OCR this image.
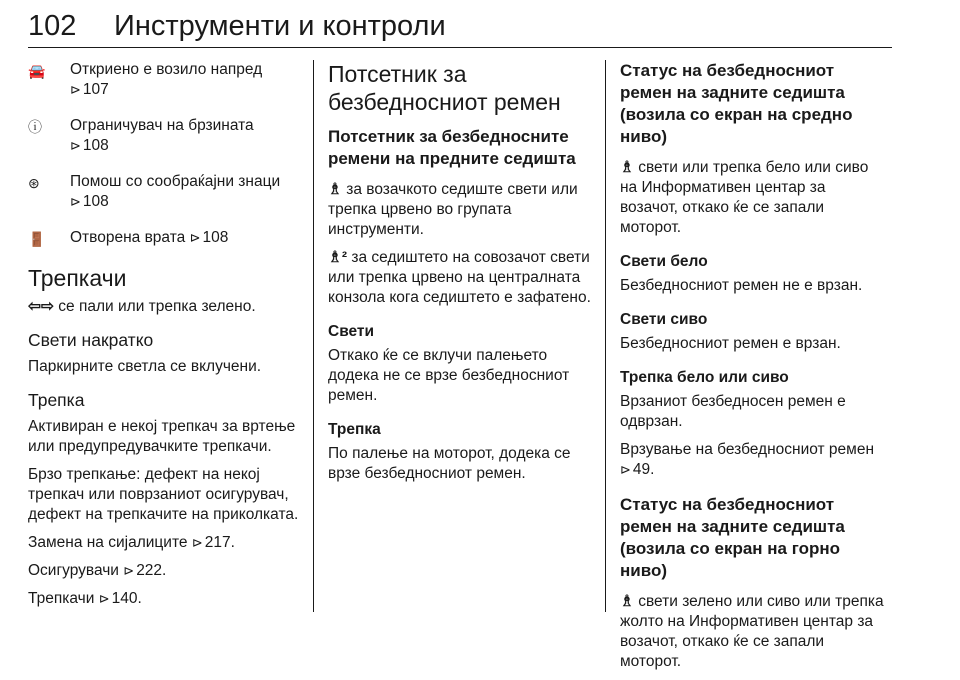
102 Инструменти и контроли
🚘	Откриено е возило напред
⊳ 107
ⓘ	Ограничувач на брзината
⊳ 108
⊛	Помош со сообраќајни знаци
⊳ 108
🚪	Отворена врата ⊳ 108
Трепкачи

⇦⇨ се пали или трепка зелено.

Свети накратко

Паркирните светла се вклучени.

Трепка

Активиран е некој трепкач за вртење или предупредувачките трепкачи.

Брзо трепкање: дефект на некој трепкач или поврзаниот осигурувач, дефект на трепкачите на приколката.

Замена на сијалиците ⊳ 217.

Осигурувачи ⊳ 222.

Трепкачи ⊳ 140.

Потсетник за безбедносниот ремен
Потсетник за безбедносните ремени на предните седишта

♗ за возачкото седиште свети или трепка црвено во групата инструменти.

♗² за седиштето на совозачот свети или трепка црвено на централната конзола кога седиштето е зафатено.

Свети

Откако ќе се вклучи палењето додека не се врзе безбедносниот ремен.

Трепка

По палење на моторот, додека се врзе безбедносниот ремен.

Статус на безбедносниот ремен на задните седишта (возила со екран на средно ниво)

♗ свети или трепка бело или сиво на Информативен центар за возачот, откако ќе се запали моторот.

Свети бело

Безбедносниот ремен не е врзан.

Свети сиво

Безбедносниот ремен е врзан.

Трепка бело или сиво

Врзаниот безбедносен ремен е одврзан.

Врзување на безбедносниот ремен ⊳ 49.

Статус на безбедносниот ремен на задните седишта (возила со екран на горно ниво)

♗ свети зелено или сиво или трепка жолто на Информативен центар за возачот, откако ќе се запали моторот.
